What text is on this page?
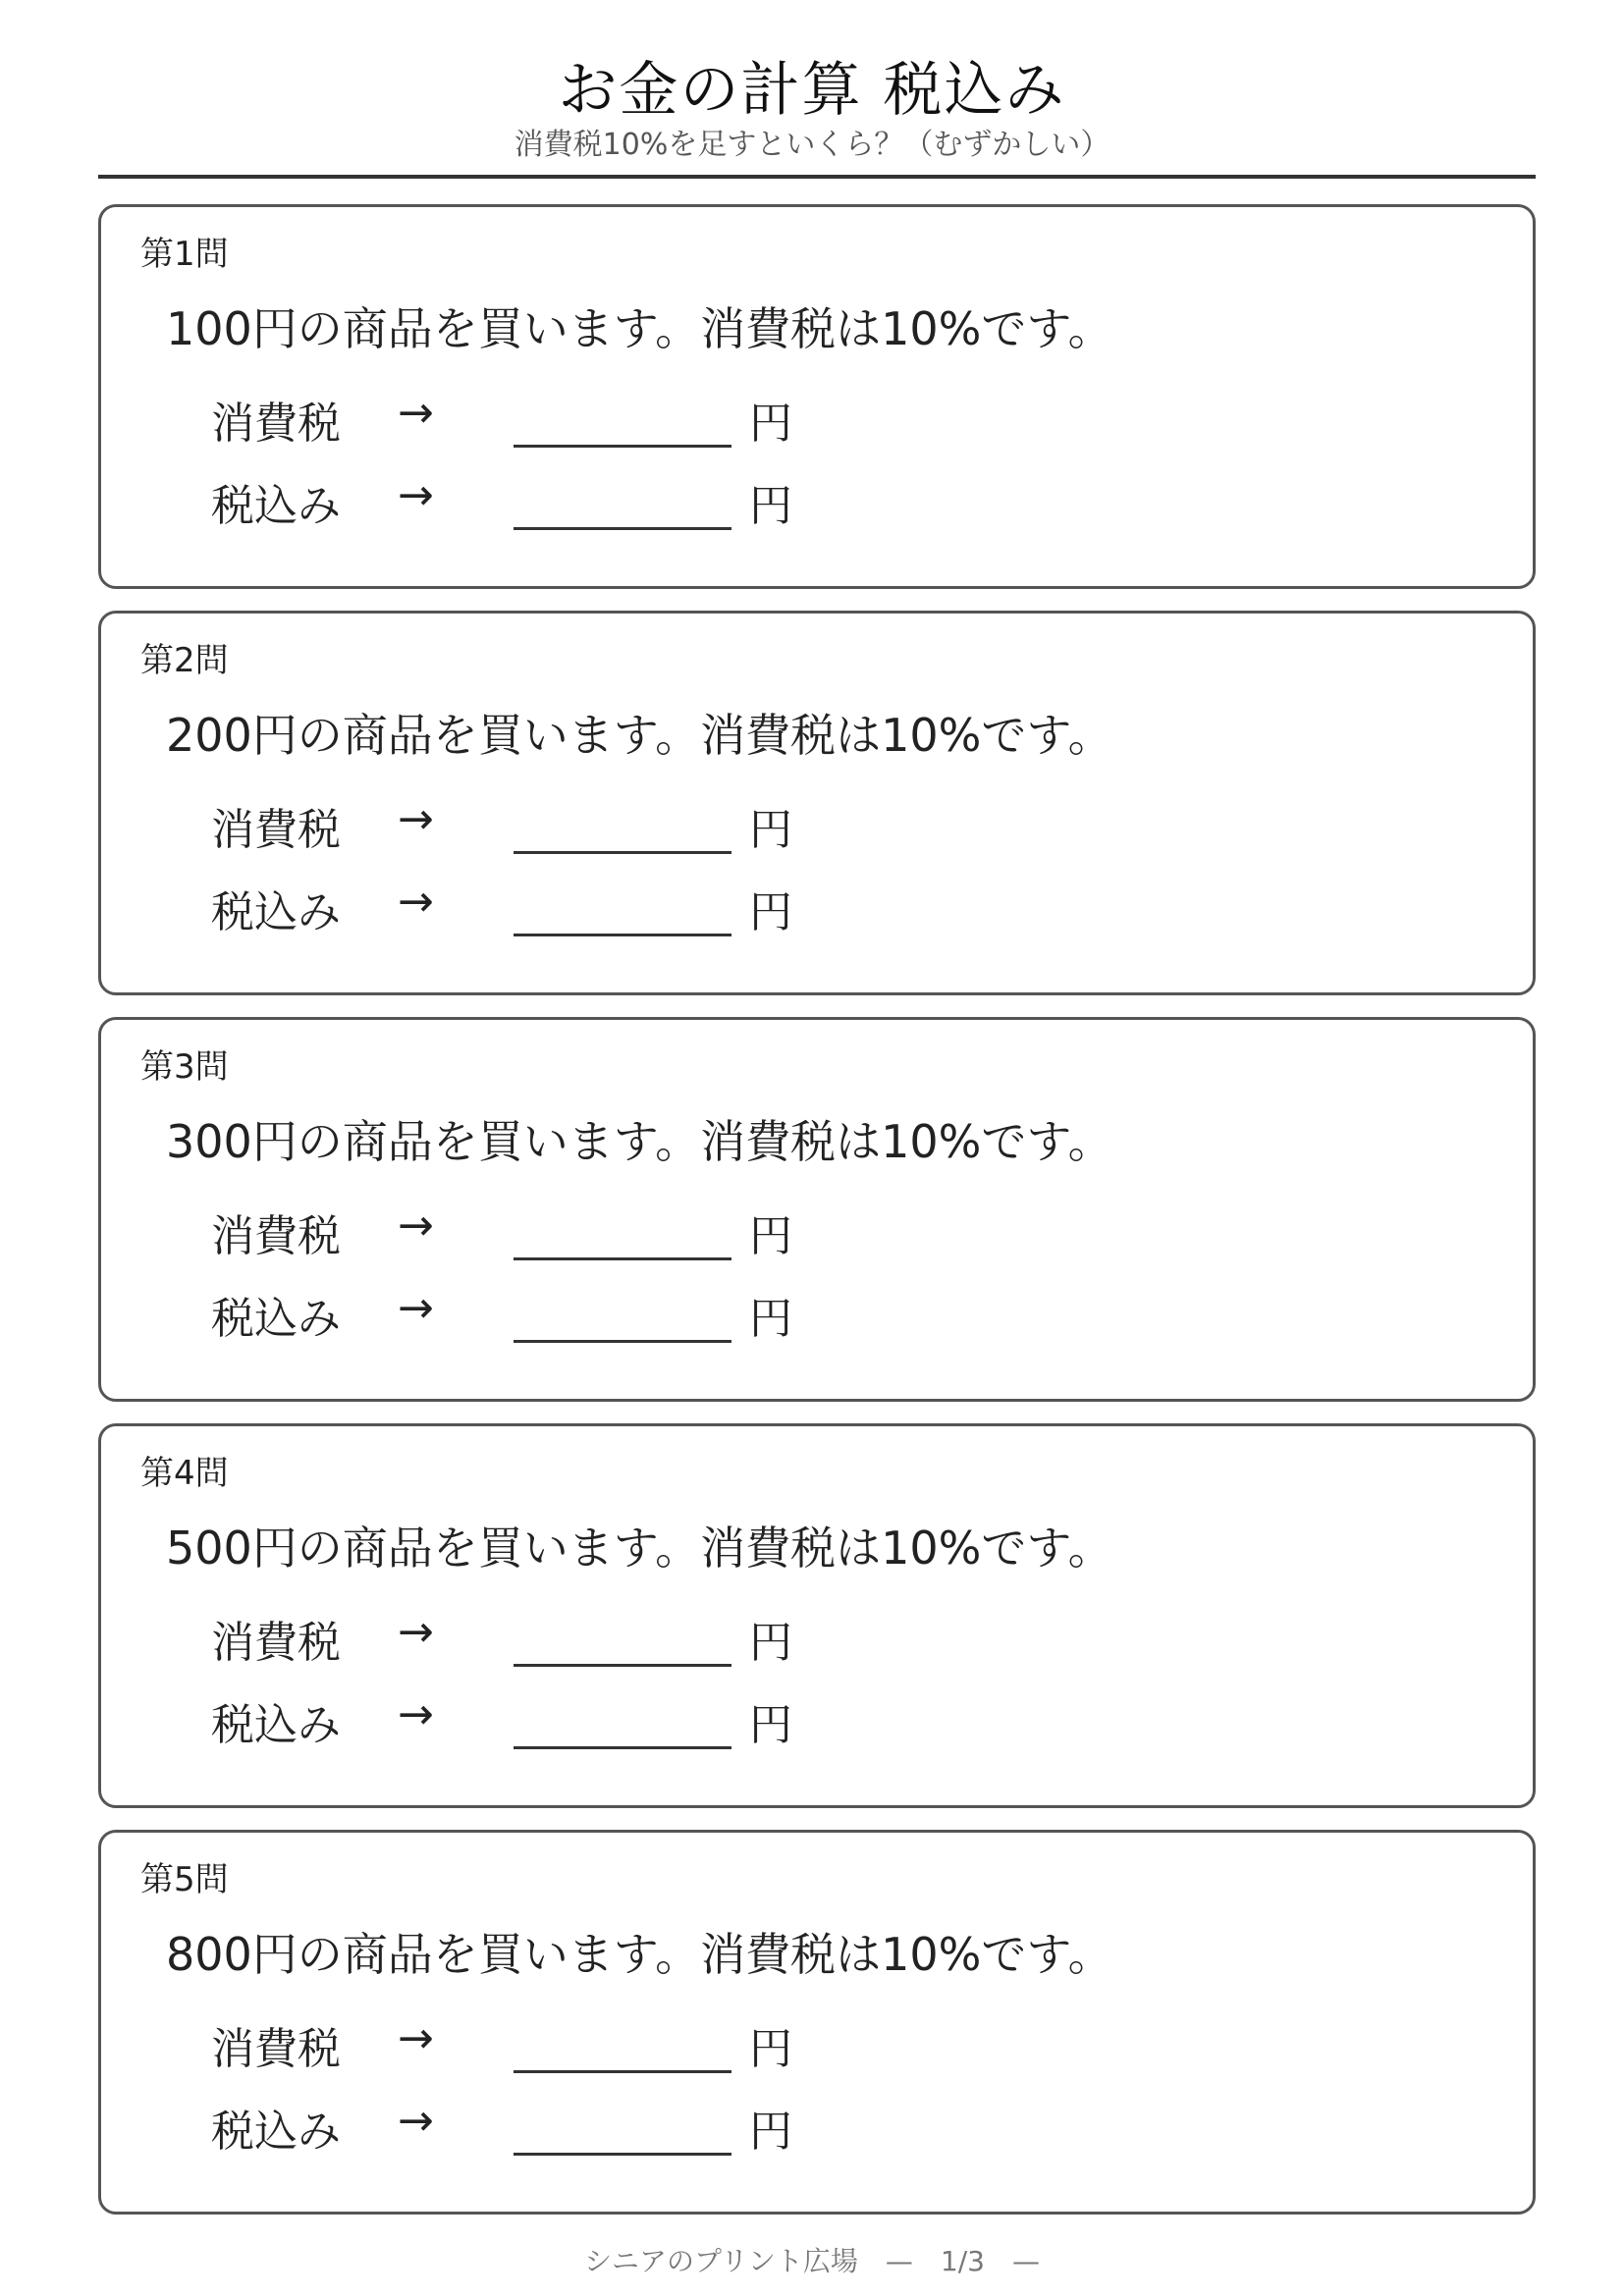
お金の計算 税込み
消費税10%を足すといくら？（むずかしい）
第1問
100円の商品を買います。消費税は10%です。
消費税 →	円
税込み →	円
第2問
200円の商品を買います。消費税は10%です。
消費税 →	円
税込み →	円
第3問
300円の商品を買います。消費税は10%です。
消費税 →	円
税込み →	円
第4問
500円の商品を買います。消費税は10%です。
消費税 →	円
税込み →	円
第5問
800円の商品を買います。消費税は10%です。
消費税 →	円
税込み →	円
シニアのプリント広場　—　1/3　—
